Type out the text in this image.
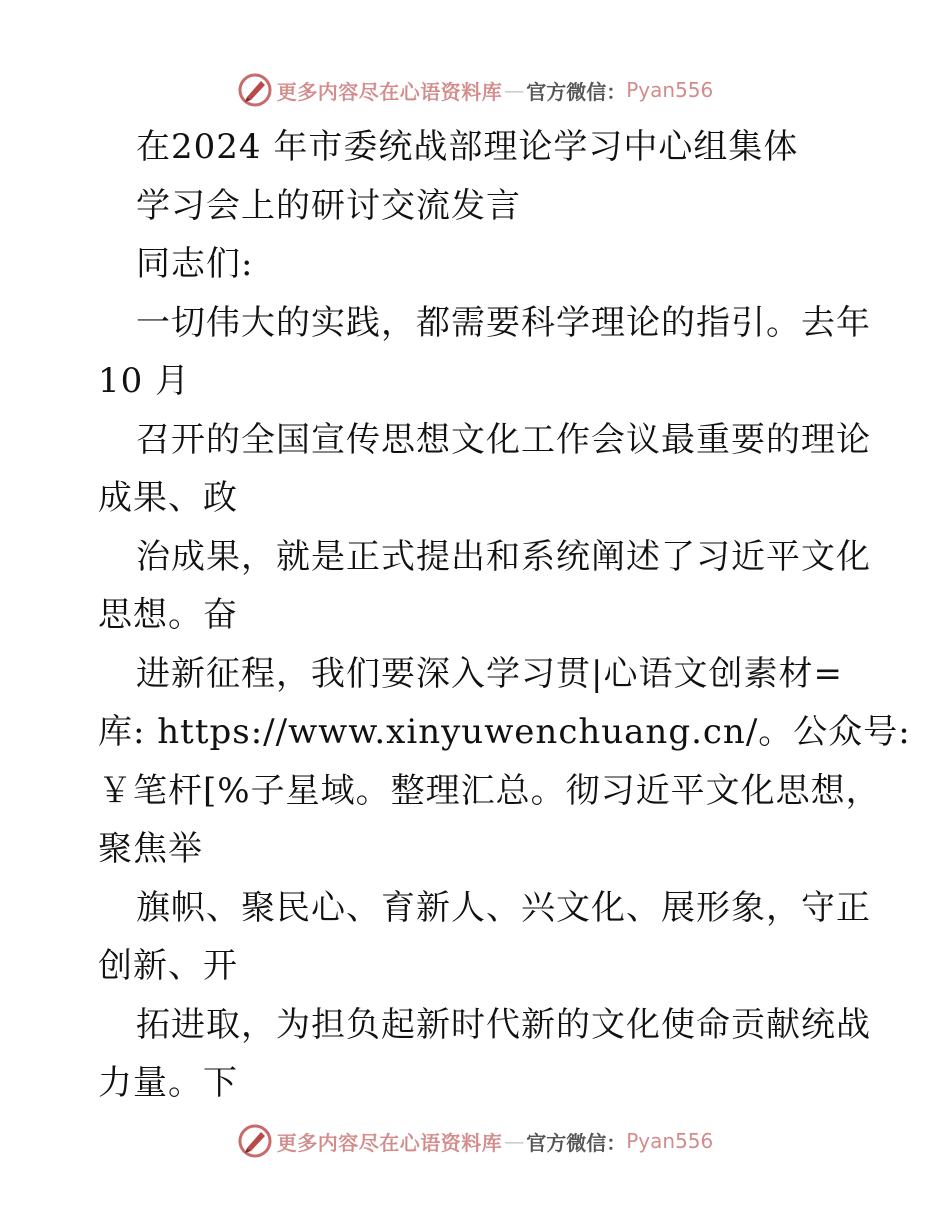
更多内容尽在心语资料库 — 官方微信： Pyan556
在2024 年市委统战部理论学习中心组集体
学习会上的研讨交流发言
同志们:
一切伟大的实践，都需要科学理论的指引。去年
10 月
召开的全国宣传思想文化工作会议最重要的理论
成果、政
治成果，就是正式提出和系统阐述了习近平文化
思想。奋
进新征程，我们要深入学习贯|心语文创素材=
库: https://www.xinyuwenchuang.cn/。公众号:
￥笔杆[%子星域。整理汇总。彻习近平文化思想，
聚焦举
旗帜、聚民心、育新人、兴文化、展形象，守正
创新、开
拓进取，为担负起新时代新的文化使命贡献统战
力量。下
更多内容尽在心语资料库 — 官方微信： Pyan556
